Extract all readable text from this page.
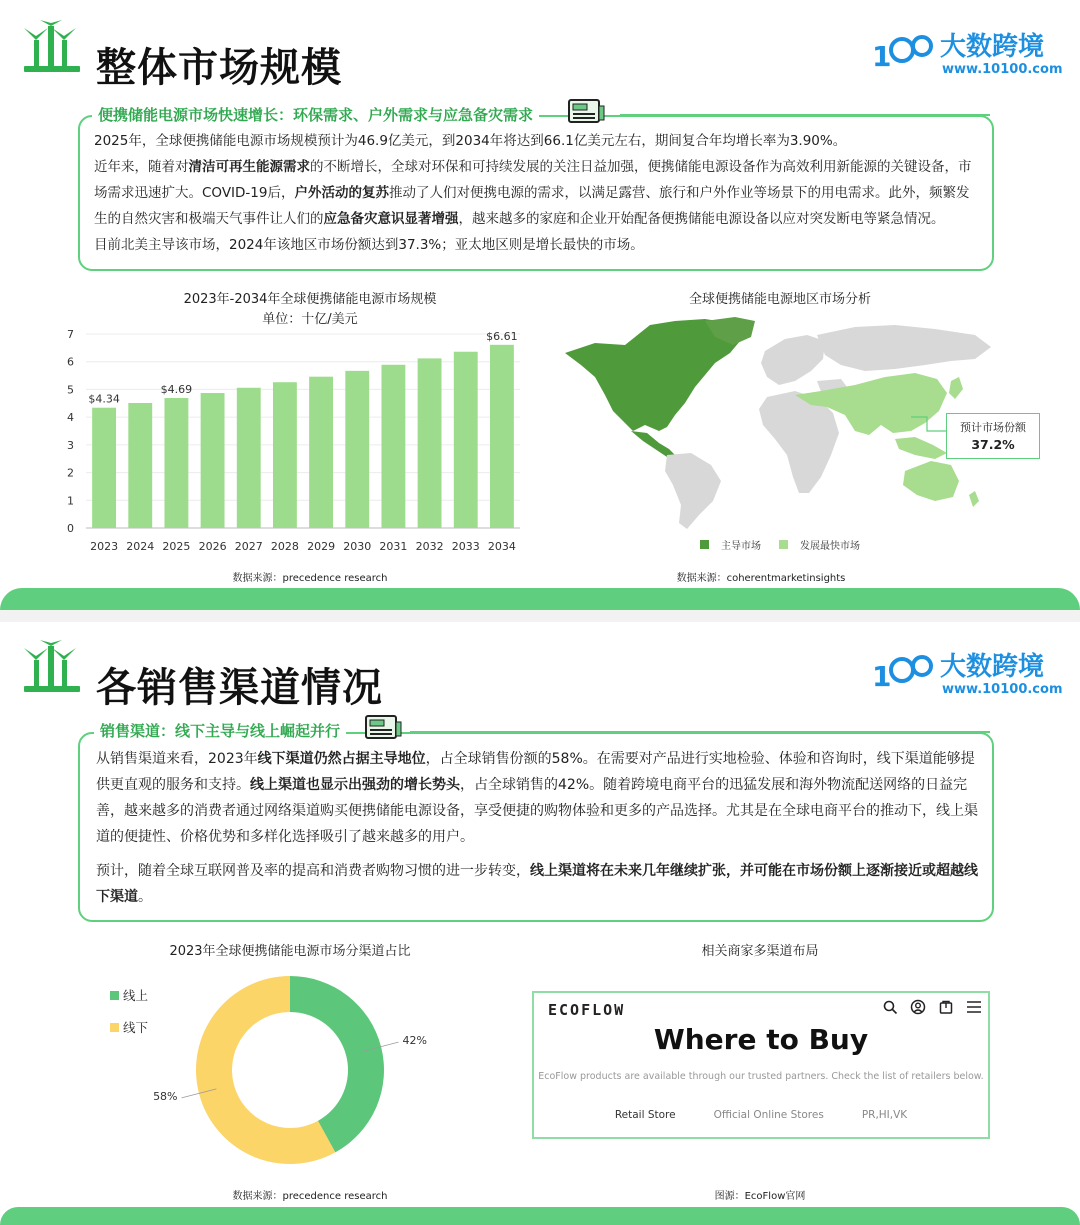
整体市场规模	1 大数跨境
www.10100.com
便携储能电源市场快速增长：环保需求、户外需求与应急备灾需求
2025年，全球便携储能电源市场规模预计为46.9亿美元，到2034年将达到66.1亿美元左右，期间复合年均增长率为3.90%。
近年来，随着对清洁可再生能源需求的不断增长，全球对环保和可持续发展的关注日益加强，便携储能电源设备作为高效利用新能源的关键设备，市场需求迅速扩大。COVID-19后，户外活动的复苏推动了人们对便携电源的需求，以满足露营、旅行和户外作业等场景下的用电需求。此外，频繁发生的自然灾害和极端天气事件让人们的应急备灾意识显著增强，越来越多的家庭和企业开始配备便携储能电源设备以应对突发断电等紧急情况。
目前北美主导该市场，2024年该地区市场份额达到37.3%；亚太地区则是增长最快的市场。
2023年-2034年全球便携储能电源市场规模
单位：十亿/美元
0
1
2
3
4
5
6
7
2023
$4.34
2024 2025
$4.69
2026 2027 2028 2029 2030 2031 2032 2033 2034
$6.61
数据来源：precedence research
全球便携储能电源地区市场分析
预计市场份额
37.2%
主导市场	发展最快市场
数据来源：coherentmarketinsights
各销售渠道情况	1 大数跨境
www.10100.com
销售渠道：线下主导与线上崛起并行
从销售渠道来看，2023年线下渠道仍然占据主导地位，占全球销售份额的58%。在需要对产品进行实地检验、体验和咨询时，线下渠道能够提供更直观的服务和支持。线上渠道也显示出强劲的增长势头，占全球销售的42%。随着跨境电商平台的迅猛发展和海外物流配送网络的日益完善，越来越多的消费者通过网络渠道购买便携储能电源设备，享受便捷的购物体验和更多的产品选择。尤其是在全球电商平台的推动下，线上渠道的便捷性、价格优势和多样化选择吸引了越来越多的用户。
预计，随着全球互联网普及率的提高和消费者购物习惯的进一步转变，线上渠道将在未来几年继续扩张，并可能在市场份额上逐渐接近或超越线下渠道。
2023年全球便携储能电源市场分渠道占比
线上
线下
42%
58%
数据来源：precedence research
相关商家多渠道布局
ECOFLOW
Where to Buy
EcoFlow products are available through our trusted partners. Check the list of retailers below.
Retail Store	Official Online Stores	PR,HI,VK
图源：EcoFlow官网
